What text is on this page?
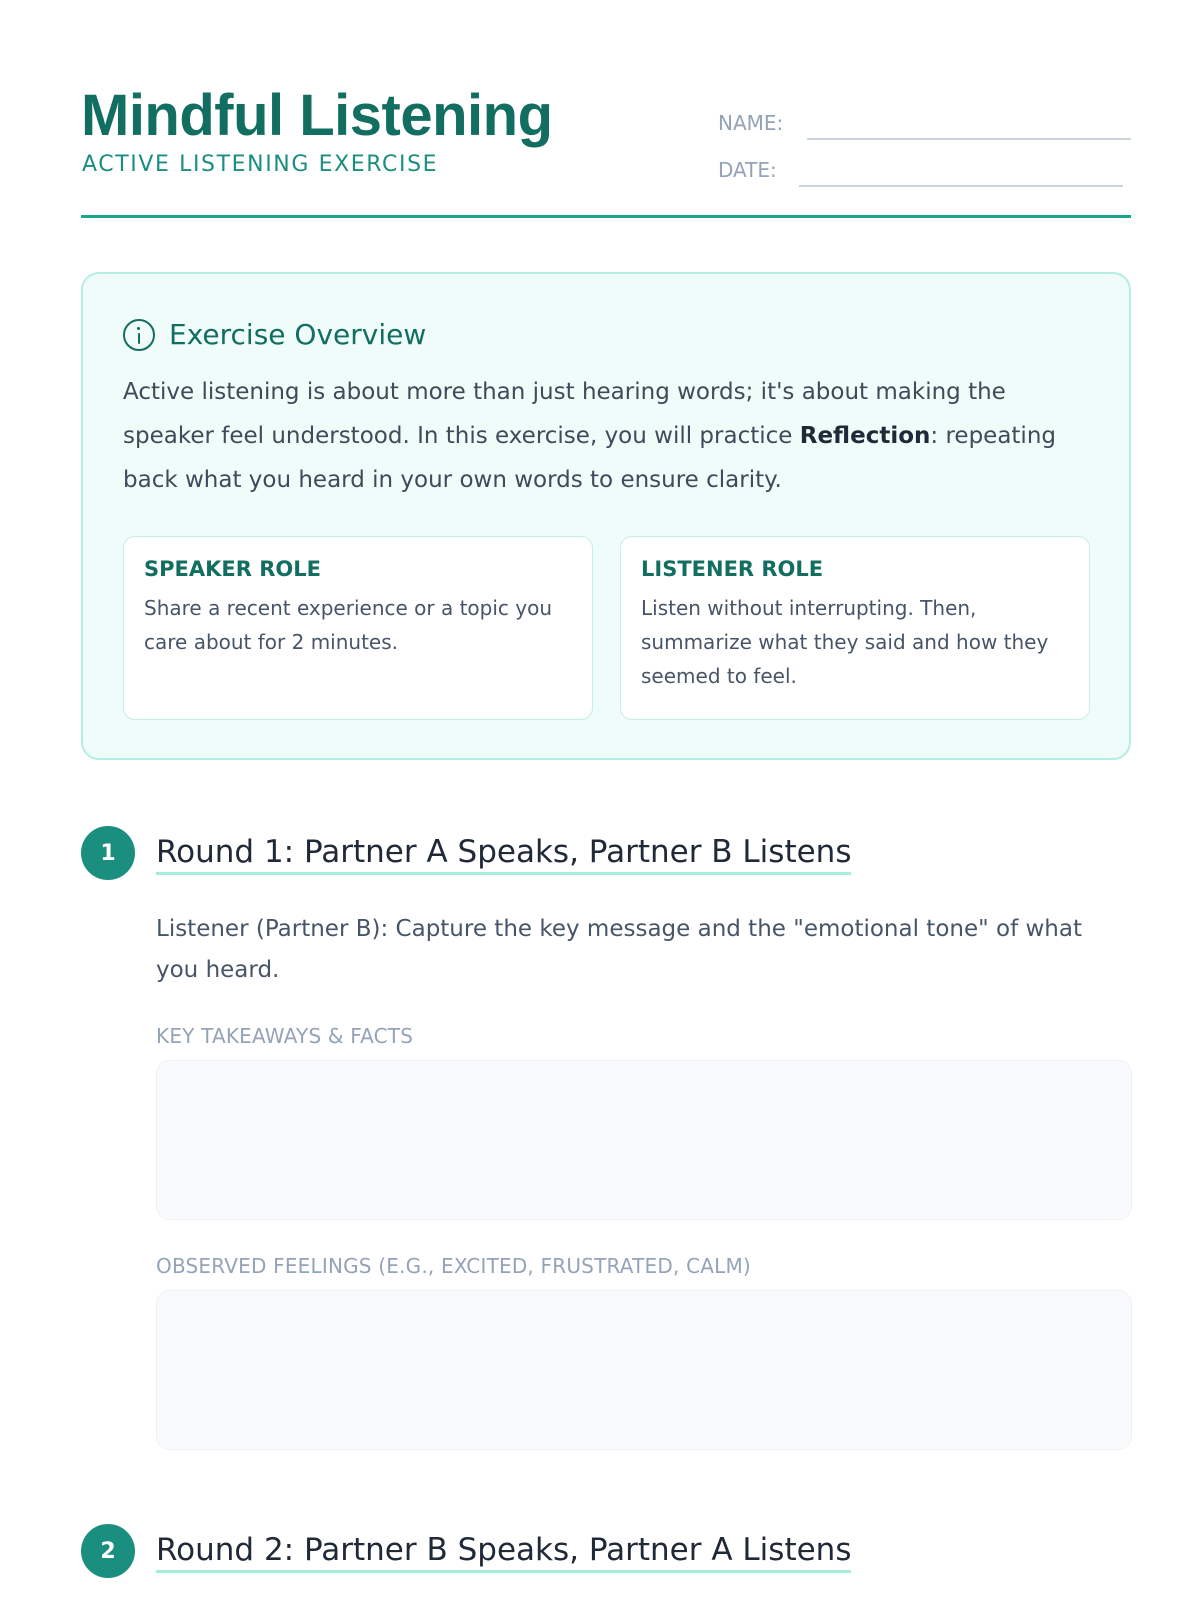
Mindful Listening
ACTIVE LISTENING EXERCISE
NAME:
DATE:
Exercise Overview

Active listening is about more than just hearing words; it's about making the speaker feel understood. In this exercise, you will practice Reflection: repeating back what you heard in your own words to ensure clarity.

SPEAKER ROLE
Share a recent experience or a topic you care about for 2 minutes.
LISTENER ROLE
Listen without interrupting. Then, summarize what they said and how they seemed to feel.
1	Round 1: Partner A Speaks, Partner B Listens

Listener (Partner B): Capture the key message and the "emotional tone" of what you heard.

KEY TAKEAWAYS & FACTS
OBSERVED FEELINGS (E.G., EXCITED, FRUSTRATED, CALM)
2	Round 2: Partner B Speaks, Partner A Listens
